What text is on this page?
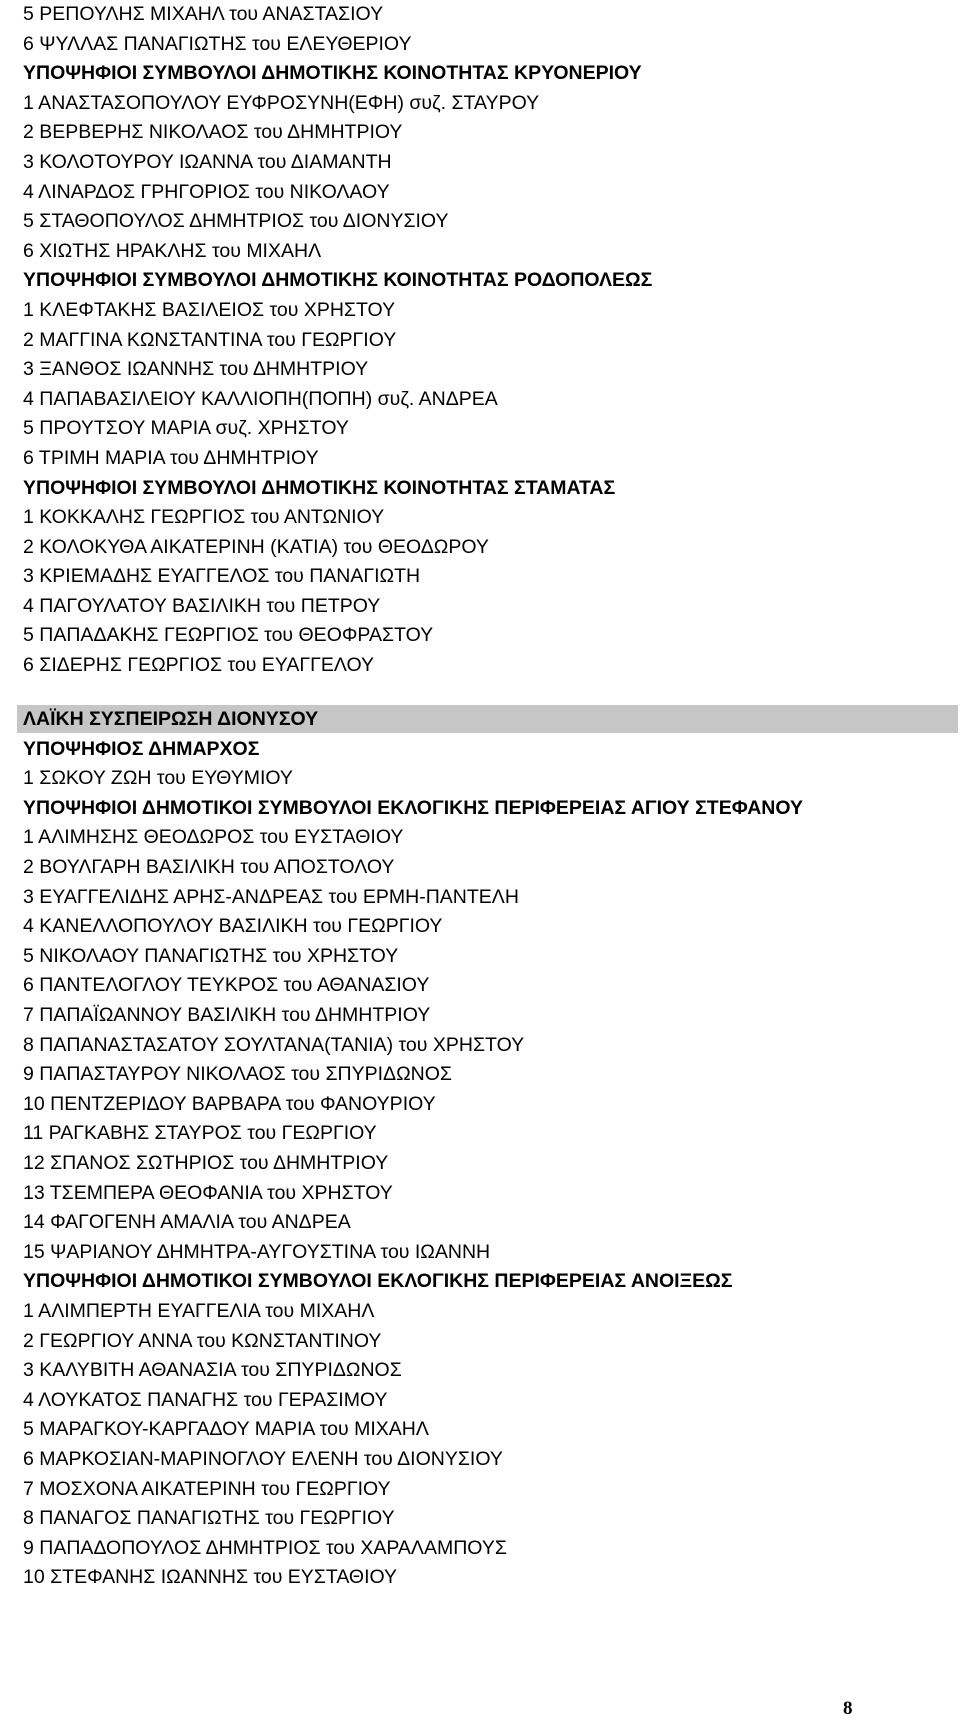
5 ΡΕΠΟΥΛΗΣ ΜΙΧΑΗΛ του ΑΝΑΣΤΑΣΙΟΥ
6 ΨΥΛΛΑΣ ΠΑΝΑΓΙΩΤΗΣ του ΕΛΕΥΘΕΡΙΟΥ
ΥΠΟΨΗΦΙΟΙ ΣΥΜΒΟΥΛΟΙ ΔΗΜΟΤΙΚΗΣ ΚΟΙΝΟΤΗΤΑΣ ΚΡΥΟΝΕΡΙΟΥ
1 ΑΝΑΣΤΑΣΟΠΟΥΛΟΥ ΕΥΦΡΟΣΥΝΗ(ΕΦΗ) συζ. ΣΤΑΥΡΟΥ
2 ΒΕΡΒΕΡΗΣ ΝΙΚΟΛΑΟΣ του ΔΗΜΗΤΡΙΟΥ
3 ΚΟΛΟΤΟΥΡΟΥ ΙΩΑΝΝΑ του ΔΙΑΜΑΝΤΗ
4 ΛΙΝΑΡΔΟΣ ΓΡΗΓΟΡΙΟΣ του ΝΙΚΟΛΑΟΥ
5 ΣΤΑΘΟΠΟΥΛΟΣ ΔΗΜΗΤΡΙΟΣ του ΔΙΟΝΥΣΙΟΥ
6 ΧΙΩΤΗΣ ΗΡΑΚΛΗΣ του ΜΙΧΑΗΛ
ΥΠΟΨΗΦΙΟΙ ΣΥΜΒΟΥΛΟΙ ΔΗΜΟΤΙΚΗΣ ΚΟΙΝΟΤΗΤΑΣ ΡΟΔΟΠΟΛΕΩΣ
1 ΚΛΕΦΤΑΚΗΣ ΒΑΣΙΛΕΙΟΣ του ΧΡΗΣΤΟΥ
2 ΜΑΓΓΙΝΑ ΚΩΝΣΤΑΝΤΙΝΑ του ΓΕΩΡΓΙΟΥ
3 ΞΑΝΘΟΣ ΙΩΑΝΝΗΣ του ΔΗΜΗΤΡΙΟΥ
4 ΠΑΠΑΒΑΣΙΛΕΙΟΥ ΚΑΛΛΙΟΠΗ(ΠΟΠΗ) συζ. ΑΝΔΡΕΑ
5 ΠΡΟΥΤΣΟΥ ΜΑΡΙΑ συζ. ΧΡΗΣΤΟΥ
6 ΤΡΙΜΗ ΜΑΡΙΑ του ΔΗΜΗΤΡΙΟΥ
ΥΠΟΨΗΦΙΟΙ ΣΥΜΒΟΥΛΟΙ ΔΗΜΟΤΙΚΗΣ ΚΟΙΝΟΤΗΤΑΣ ΣΤΑΜΑΤΑΣ
1 ΚΟΚΚΑΛΗΣ ΓΕΩΡΓΙΟΣ του ΑΝΤΩΝΙΟΥ
2 ΚΟΛΟΚΥΘΑ ΑΙΚΑΤΕΡΙΝΗ (ΚΑΤΙΑ) του ΘΕΟΔΩΡΟΥ
3 ΚΡΙΕΜΑΔΗΣ ΕΥΑΓΓΕΛΟΣ του ΠΑΝΑΓΙΩΤΗ
4 ΠΑΓΟΥΛΑΤΟΥ ΒΑΣΙΛΙΚΗ του ΠΕΤΡΟΥ
5 ΠΑΠΑΔΑΚΗΣ ΓΕΩΡΓΙΟΣ του ΘΕΟΦΡΑΣΤΟΥ
6 ΣΙΔΕΡΗΣ ΓΕΩΡΓΙΟΣ του ΕΥΑΓΓΕΛΟΥ
ΛΑΪΚΗ ΣΥΣΠΕΙΡΩΣΗ ΔΙΟΝΥΣΟΥ
ΥΠΟΨΗΦΙΟΣ ΔΗΜΑΡΧΟΣ
1 ΣΩΚΟΥ ΖΩΗ του ΕΥΘΥΜΙΟΥ
ΥΠΟΨΗΦΙΟΙ ΔΗΜΟΤΙΚΟΙ ΣΥΜΒΟΥΛΟΙ ΕΚΛΟΓΙΚΗΣ ΠΕΡΙΦΕΡΕΙΑΣ ΑΓΙΟΥ ΣΤΕΦΑΝΟΥ
1 ΑΛΙΜΗΣΗΣ ΘΕΟΔΩΡΟΣ του ΕΥΣΤΑΘΙΟΥ
2 ΒΟΥΛΓΑΡΗ ΒΑΣΙΛΙΚΗ του ΑΠΟΣΤΟΛΟΥ
3 ΕΥΑΓΓΕΛΙΔΗΣ ΑΡΗΣ-ΑΝΔΡΕΑΣ του ΕΡΜΗ-ΠΑΝΤΕΛΗ
4 ΚΑΝΕΛΛΟΠΟΥΛΟΥ ΒΑΣΙΛΙΚΗ του ΓΕΩΡΓΙΟΥ
5 ΝΙΚΟΛΑΟΥ ΠΑΝΑΓΙΩΤΗΣ του ΧΡΗΣΤΟΥ
6 ΠΑΝΤΕΛΟΓΛΟΥ ΤΕΥΚΡΟΣ του ΑΘΑΝΑΣΙΟΥ
7 ΠΑΠΑΪΩΑΝΝΟΥ ΒΑΣΙΛΙΚΗ του ΔΗΜΗΤΡΙΟΥ
8 ΠΑΠΑΝΑΣΤΑΣΑΤΟΥ ΣΟΥΛΤΑΝΑ(ΤΑΝΙΑ) του ΧΡΗΣΤΟΥ
9 ΠΑΠΑΣΤΑΥΡΟΥ ΝΙΚΟΛΑΟΣ του ΣΠΥΡΙΔΩΝΟΣ
10 ΠΕΝΤΖΕΡΙΔΟΥ ΒΑΡΒΑΡΑ του ΦΑΝΟΥΡΙΟΥ
11 ΡΑΓΚΑΒΗΣ ΣΤΑΥΡΟΣ του ΓΕΩΡΓΙΟΥ
12 ΣΠΑΝΟΣ ΣΩΤΗΡΙΟΣ του ΔΗΜΗΤΡΙΟΥ
13 ΤΣΕΜΠΕΡΑ ΘΕΟΦΑΝΙΑ του ΧΡΗΣΤΟΥ
14 ΦΑΓΟΓΕΝΗ ΑΜΑΛΙΑ του ΑΝΔΡΕΑ
15 ΨΑΡΙΑΝΟΥ ΔΗΜΗΤΡΑ-ΑΥΓΟΥΣΤΙΝΑ του ΙΩΑΝΝΗ
ΥΠΟΨΗΦΙΟΙ ΔΗΜΟΤΙΚΟΙ ΣΥΜΒΟΥΛΟΙ ΕΚΛΟΓΙΚΗΣ ΠΕΡΙΦΕΡΕΙΑΣ ΑΝΟΙΞΕΩΣ
1 ΑΛΙΜΠΕΡΤΗ ΕΥΑΓΓΕΛΙΑ του ΜΙΧΑΗΛ
2 ΓΕΩΡΓΙΟΥ ΑΝΝΑ του ΚΩΝΣΤΑΝΤΙΝΟΥ
3 ΚΑΛΥΒΙΤΗ ΑΘΑΝΑΣΙΑ του ΣΠΥΡΙΔΩΝΟΣ
4 ΛΟΥΚΑΤΟΣ ΠΑΝΑΓΗΣ του ΓΕΡΑΣΙΜΟΥ
5 ΜΑΡΑΓΚΟΥ-ΚΑΡΓΑΔΟΥ ΜΑΡΙΑ του ΜΙΧΑΗΛ
6 ΜΑΡΚΟΣΙΑΝ-ΜΑΡΙΝΟΓΛΟΥ ΕΛΕΝΗ του ΔΙΟΝΥΣΙΟΥ
7 ΜΟΣΧΟΝΑ ΑΙΚΑΤΕΡΙΝΗ του ΓΕΩΡΓΙΟΥ
8 ΠΑΝΑΓΟΣ ΠΑΝΑΓΙΩΤΗΣ του ΓΕΩΡΓΙΟΥ
9 ΠΑΠΑΔΟΠΟΥΛΟΣ ΔΗΜΗΤΡΙΟΣ του ΧΑΡΑΛΑΜΠΟΥΣ
10 ΣΤΕΦΑΝΗΣ ΙΩΑΝΝΗΣ του ΕΥΣΤΑΘΙΟΥ
8
